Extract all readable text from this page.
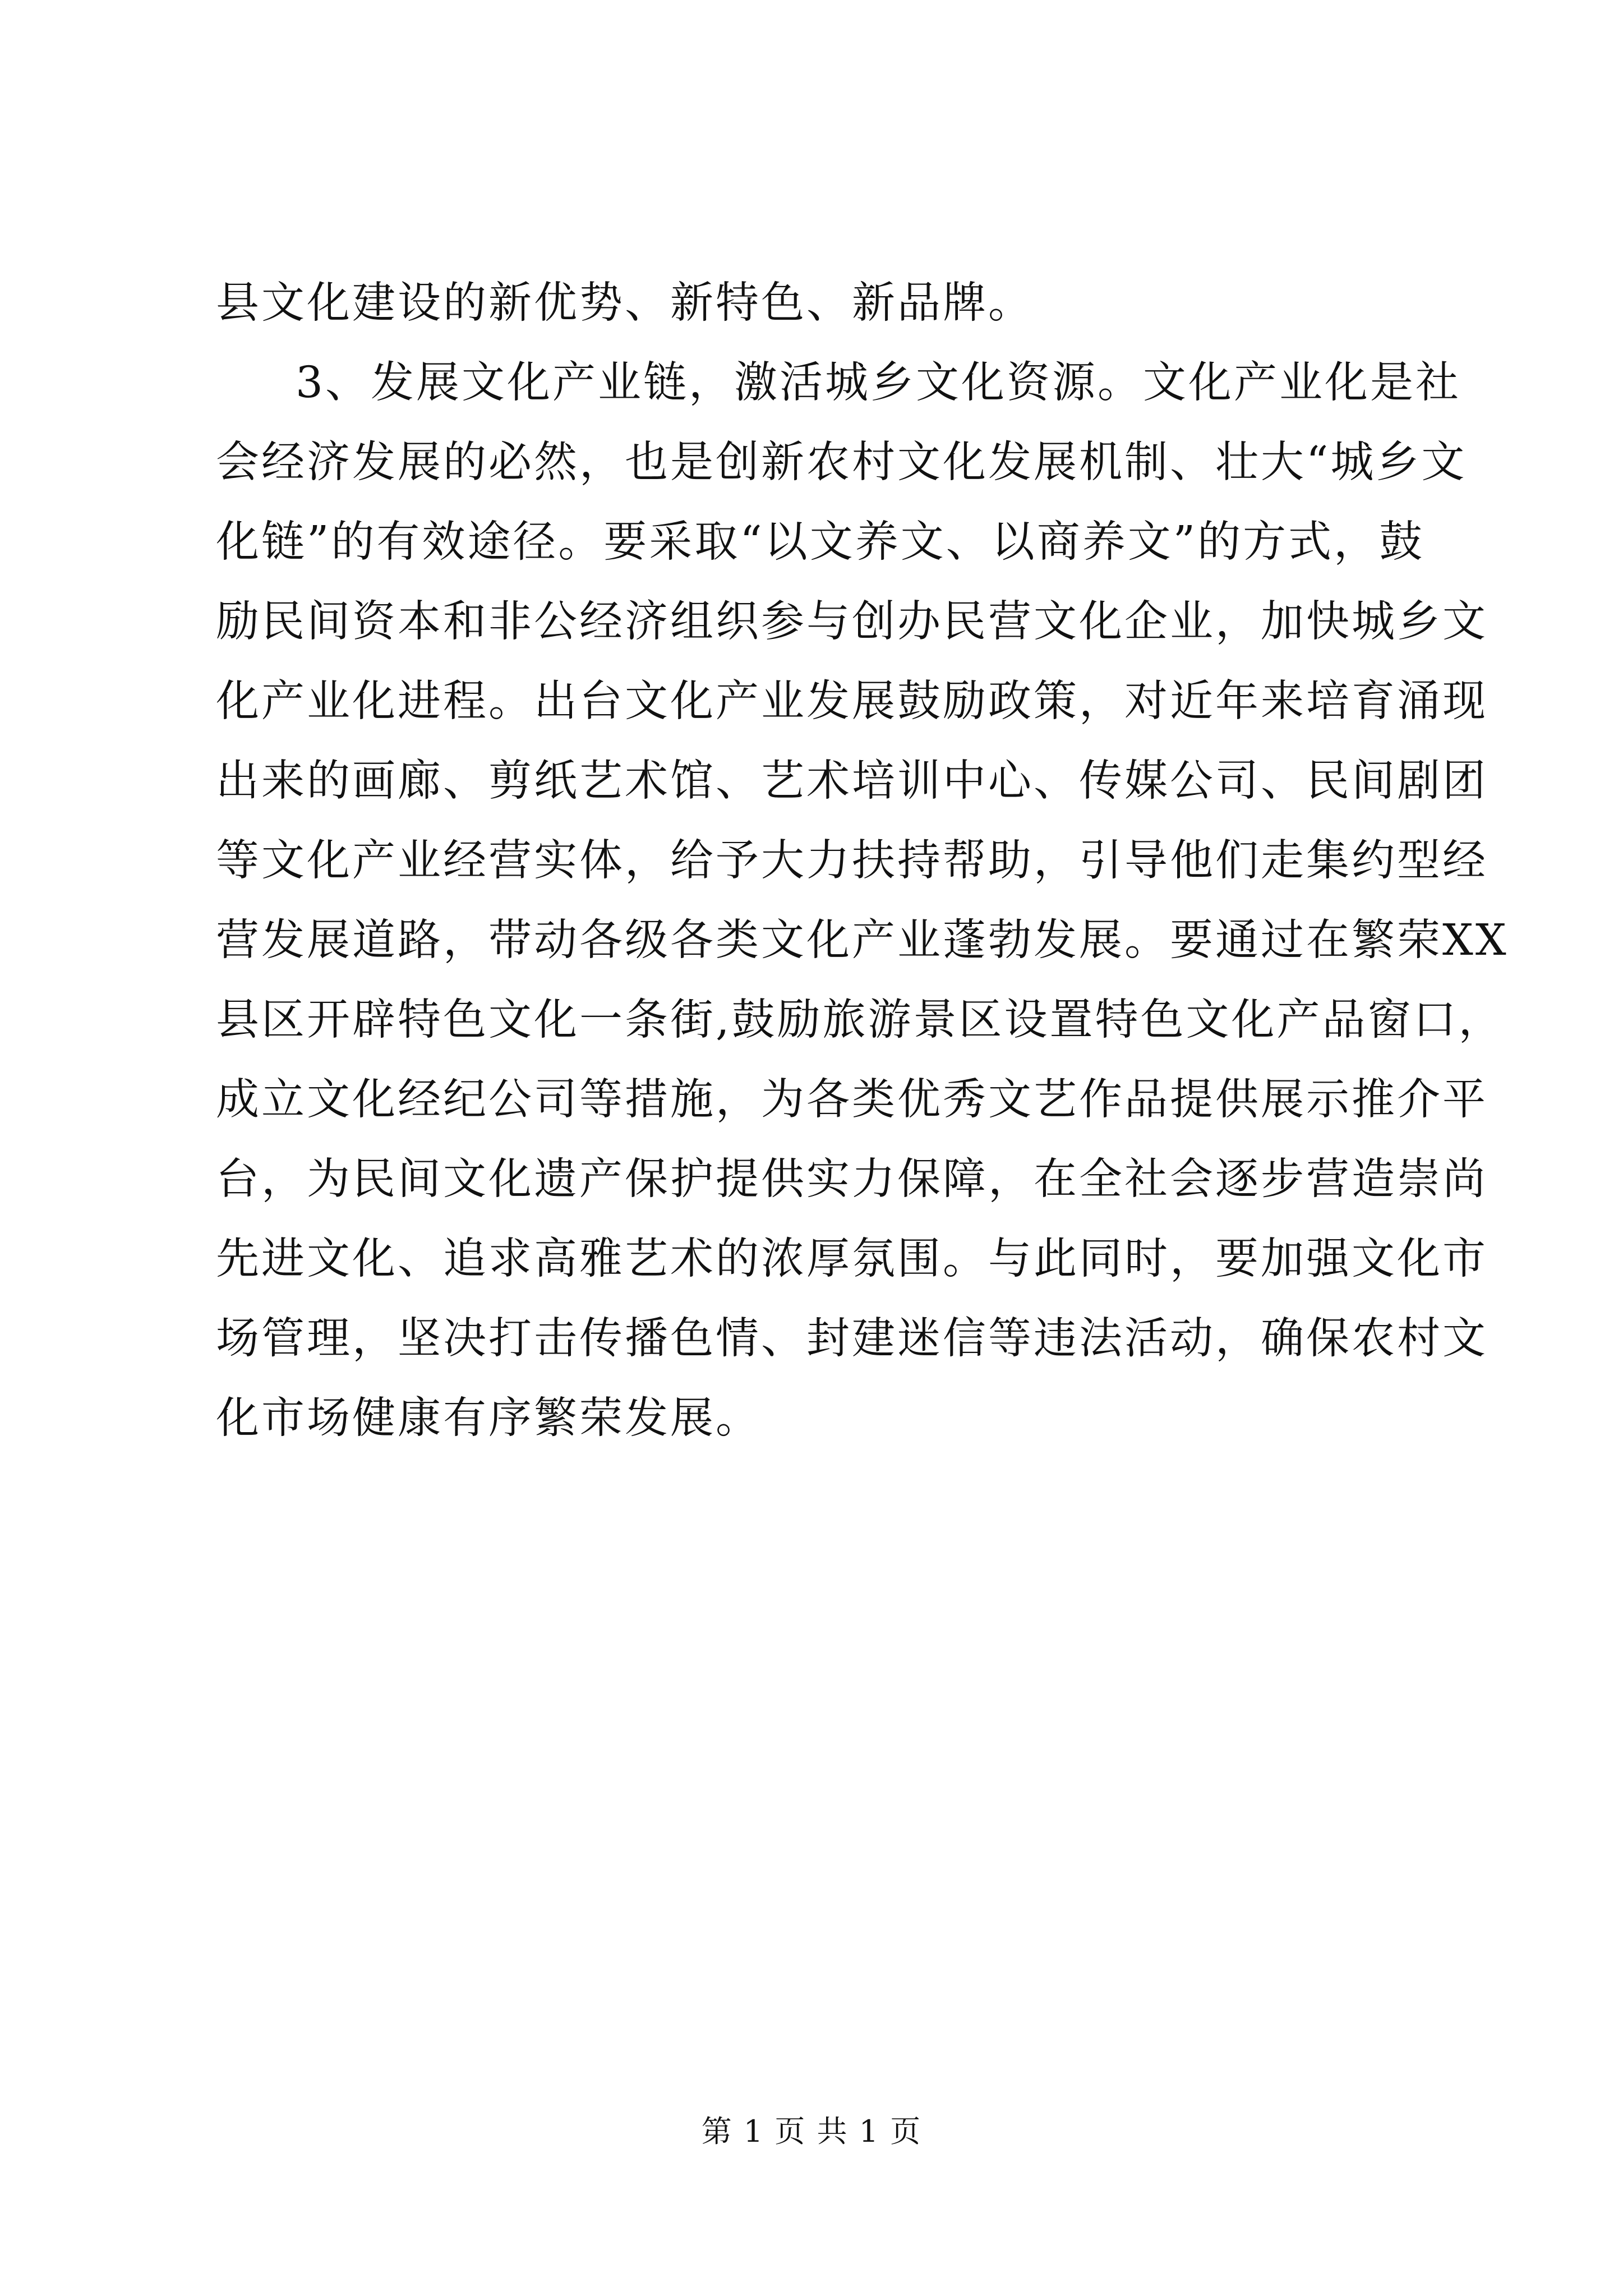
县文化建设的新优势、新特色、新品牌。
3、发展文化产业链，激活城乡文化资源。文化产业化是社
会经济发展的必然，也是创新农村文化发展机制、壮大“城乡文
化链”的有效途径。要采取“以文养文、以商养文”的方式，鼓
励民间资本和非公经济组织参与创办民营文化企业，加快城乡文
化产业化进程。出台文化产业发展鼓励政策，对近年来培育涌现
出来的画廊、剪纸艺术馆、艺术培训中心、传媒公司、民间剧团
等文化产业经营实体，给予大力扶持帮助，引导他们走集约型经
营发展道路，带动各级各类文化产业蓬勃发展。要通过在繁荣XX
县区开辟特色文化一条街,鼓励旅游景区设置特色文化产品窗口，
成立文化经纪公司等措施，为各类优秀文艺作品提供展示推介平
台，为民间文化遗产保护提供实力保障，在全社会逐步营造崇尚
先进文化、追求高雅艺术的浓厚氛围。与此同时，要加强文化市
场管理，坚决打击传播色情、封建迷信等违法活动，确保农村文
化市场健康有序繁荣发展。
第 1 页 共 1 页
